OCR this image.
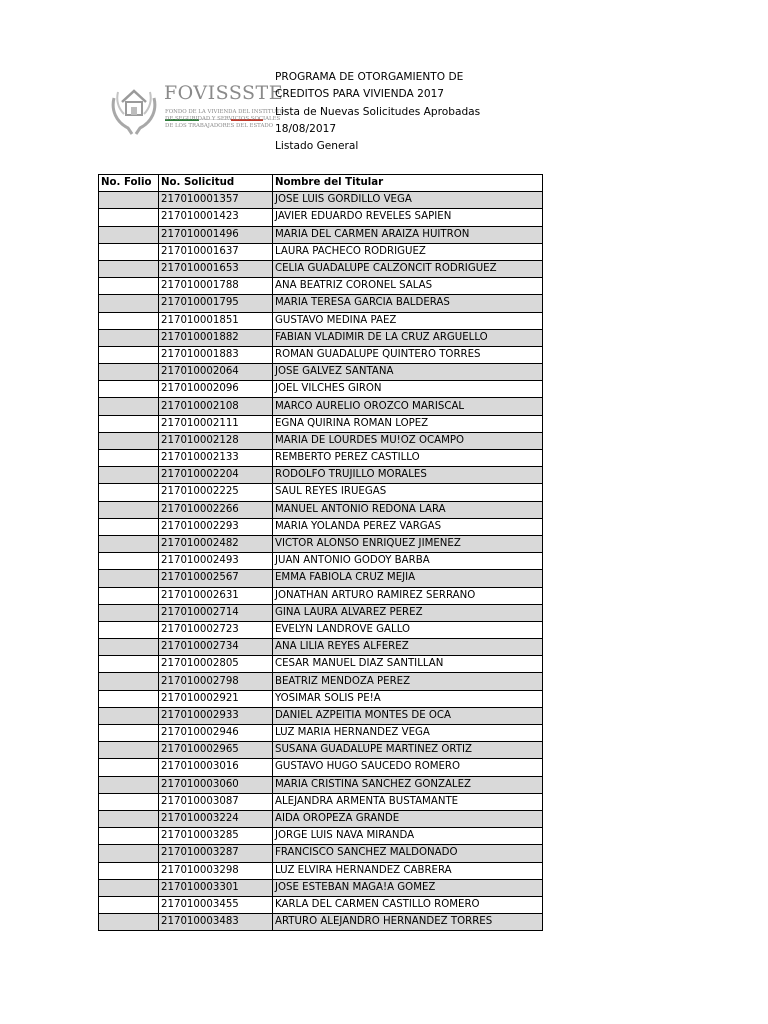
FOVISSSTE
FONDO DE LA VIVIENDA DEL INSTITUTO
DE SEGURIDAD Y SERVICIOS SOCIALES
DE LOS TRABAJADORES DEL ESTADO
PROGRAMA DE OTORGAMIENTO DE
CREDITOS PARA VIVIENDA 2017
Lista de Nuevas Solicitudes Aprobadas
18/08/2017
Listado General
No. Folio	No. Solicitud	Nombre del Titular
	217010001357	JOSE LUIS GORDILLO VEGA
	217010001423	JAVIER EDUARDO REVELES SAPIEN
	217010001496	MARIA DEL CARMEN ARAIZA HUITRON
	217010001637	LAURA PACHECO RODRIGUEZ
	217010001653	CELIA GUADALUPE CALZONCIT RODRIGUEZ
	217010001788	ANA BEATRIZ CORONEL SALAS
	217010001795	MARIA TERESA GARCIA BALDERAS
	217010001851	GUSTAVO MEDINA PAEZ
	217010001882	FABIAN VLADIMIR DE LA CRUZ ARGUELLO
	217010001883	ROMAN GUADALUPE QUINTERO TORRES
	217010002064	JOSE GALVEZ SANTANA
	217010002096	JOEL VILCHES GIRON
	217010002108	MARCO AURELIO OROZCO MARISCAL
	217010002111	EGNA QUIRINA ROMAN LOPEZ
	217010002128	MARIA DE LOURDES MU!OZ OCAMPO
	217010002133	REMBERTO PEREZ CASTILLO
	217010002204	RODOLFO TRUJILLO MORALES
	217010002225	SAUL REYES IRUEGAS
	217010002266	MANUEL ANTONIO REDONA LARA
	217010002293	MARIA YOLANDA PEREZ VARGAS
	217010002482	VICTOR ALONSO ENRIQUEZ JIMENEZ
	217010002493	JUAN ANTONIO GODOY BARBA
	217010002567	EMMA FABIOLA CRUZ MEJIA
	217010002631	JONATHAN ARTURO RAMIREZ SERRANO
	217010002714	GINA LAURA ALVAREZ PEREZ
	217010002723	EVELYN LANDROVE GALLO
	217010002734	ANA LILIA REYES ALFEREZ
	217010002805	CESAR MANUEL DIAZ SANTILLAN
	217010002798	BEATRIZ MENDOZA PEREZ
	217010002921	YOSIMAR SOLIS PE!A
	217010002933	DANIEL AZPEITIA MONTES DE OCA
	217010002946	LUZ MARIA HERNANDEZ VEGA
	217010002965	SUSANA GUADALUPE MARTINEZ ORTIZ
	217010003016	GUSTAVO HUGO SAUCEDO ROMERO
	217010003060	MARIA CRISTINA SANCHEZ GONZALEZ
	217010003087	ALEJANDRA ARMENTA BUSTAMANTE
	217010003224	AIDA OROPEZA GRANDE
	217010003285	JORGE LUIS NAVA MIRANDA
	217010003287	FRANCISCO SANCHEZ MALDONADO
	217010003298	LUZ ELVIRA HERNANDEZ CABRERA
	217010003301	JOSE ESTEBAN MAGA!A GOMEZ
	217010003455	KARLA DEL CARMEN CASTILLO ROMERO
	217010003483	ARTURO ALEJANDRO HERNANDEZ TORRES
